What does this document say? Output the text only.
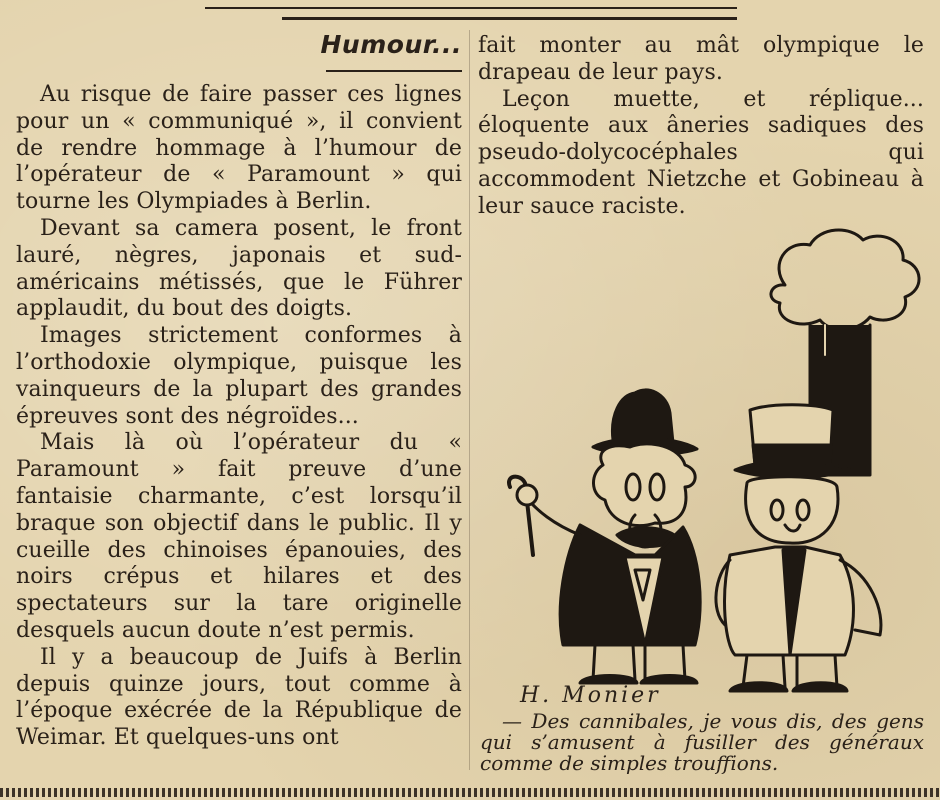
Humour...

Au risque de faire passer ces lignes pour un « communiqué », il convient de rendre hommage à l’humour de l’opérateur de « Paramount » qui tourne les Olympiades à Berlin.

Devant sa camera posent, le front lauré, nègres, japonais et sud-américains métissés, que le Führer applaudit, du bout des doigts.

Images strictement conformes à l’orthodoxie olympique, puisque les vainqueurs de la plupart des grandes épreuves sont des négroïdes...

Mais là où l’opérateur du « Paramount » fait preuve d’une fantaisie charmante, c’est lorsqu’il braque son objectif dans le public. Il y cueille des chinoises épanouies, des noirs crépus et hilares et des spectateurs sur la tare originelle desquels aucun doute n’est permis.

Il y a beaucoup de Juifs à Berlin depuis quinze jours, tout comme à l’époque exécrée de la République de Weimar. Et quelques-uns ont

fait monter au mât olympique le drapeau de leur pays.

Leçon muette, et réplique... éloquente aux âneries sadiques des pseudo-dolycocéphales qui accommodent Nietzche et Gobineau à leur sauce raciste.

H. Monier
— Des cannibales, je vous dis, des gens qui s’amusent à fusiller des généraux comme de simples trouffions.
